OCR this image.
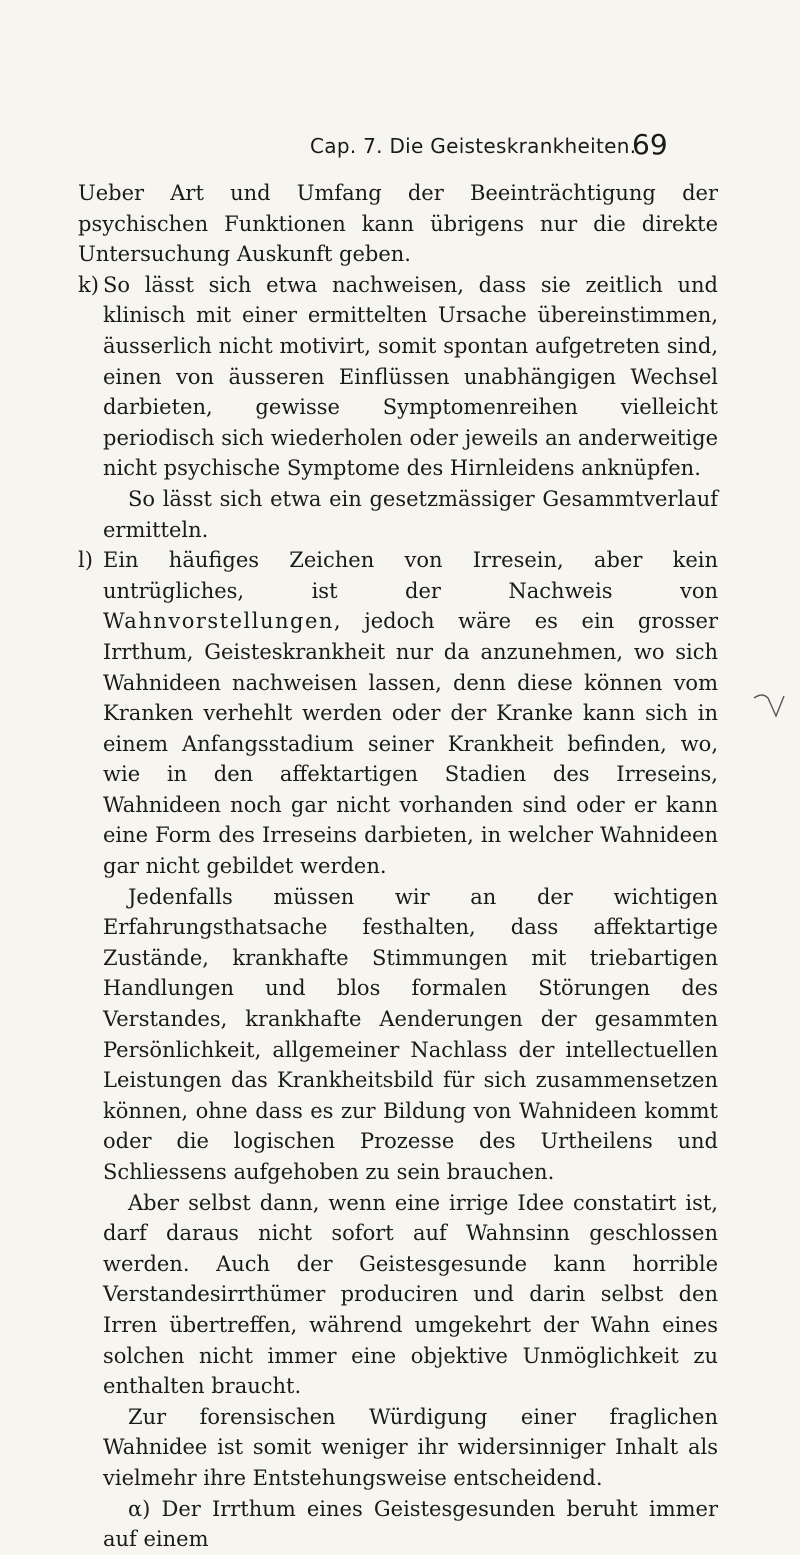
Cap. 7. Die Geisteskrankheiten.
69

Ueber Art und Umfang der Beeinträchtigung der psychischen Funktionen kann übrigens nur die direkte Untersuchung Auskunft geben.

k) So lässt sich etwa nachweisen, dass sie zeitlich und klinisch mit einer ermittelten Ursache übereinstimmen, äusserlich nicht motivirt, somit spontan aufgetreten sind, einen von äusseren Einflüssen unabhängigen Wechsel darbieten, gewisse Symptomenreihen vielleicht periodisch sich wiederholen oder jeweils an anderweitige nicht psychische Symptome des Hirnleidens anknüpfen.

So lässt sich etwa ein gesetzmässiger Gesammtverlauf ermitteln.

l) Ein häufiges Zeichen von Irresein, aber kein untrügliches, ist der Nachweis von Wahnvorstellungen, jedoch wäre es ein grosser Irrthum, Geisteskrankheit nur da anzunehmen, wo sich Wahnideen nachweisen lassen, denn diese können vom Kranken verhehlt werden oder der Kranke kann sich in einem Anfangsstadium seiner Krankheit befinden, wo, wie in den affektartigen Stadien des Irreseins, Wahnideen noch gar nicht vorhanden sind oder er kann eine Form des Irreseins darbieten, in welcher Wahnideen gar nicht gebildet werden.

Jedenfalls müssen wir an der wichtigen Erfahrungsthatsache festhalten, dass affektartige Zustände, krankhafte Stimmungen mit triebartigen Handlungen und blos formalen Störungen des Verstandes, krankhafte Aenderungen der gesammten Persönlichkeit, allgemeiner Nachlass der intellectuellen Leistungen das Krankheitsbild für sich zusammensetzen können, ohne dass es zur Bildung von Wahnideen kommt oder die logischen Prozesse des Urtheilens und Schliessens aufgehoben zu sein brauchen.

Aber selbst dann, wenn eine irrige Idee constatirt ist, darf daraus nicht sofort auf Wahnsinn geschlossen werden. Auch der Geistesgesunde kann horrible Verstandesirrthümer produciren und darin selbst den Irren übertreffen, während umgekehrt der Wahn eines solchen nicht immer eine objektive Unmöglichkeit zu enthalten braucht.

Zur forensischen Würdigung einer fraglichen Wahnidee ist somit weniger ihr widersinniger Inhalt als vielmehr ihre Entstehungsweise entscheidend.

α) Der Irrthum eines Geistesgesunden beruht immer auf einem
